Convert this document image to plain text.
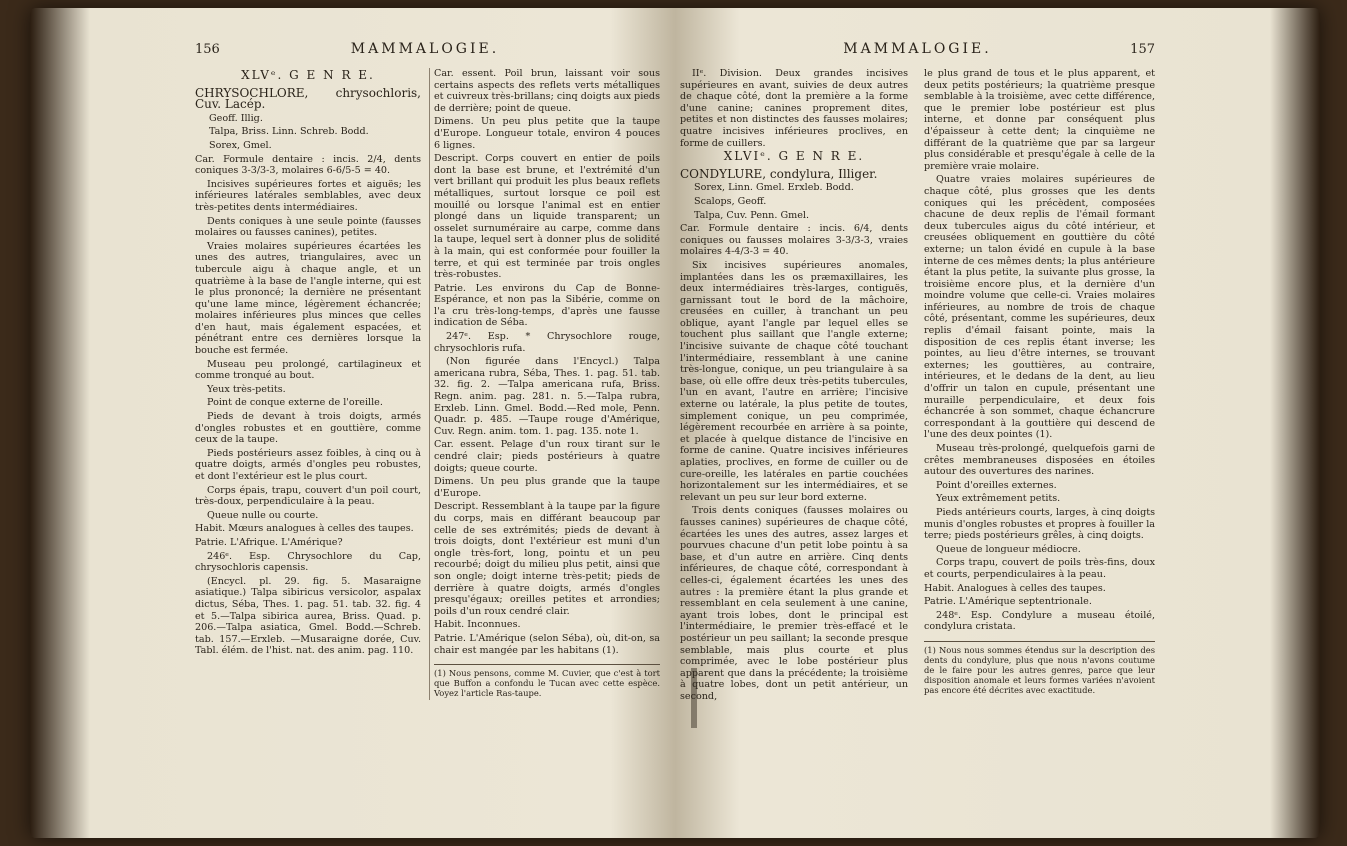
156	MAMMALOGIE.
XLVᵉ. G E N R E.

CHRYSOCHLORE, chrysochloris, Cuv. Lacép.

Geoff. Illig.

Talpa, Briss. Linn. Schreb. Bodd.

Sorex, Gmel.

Car. Formule dentaire : incis. 2/4, dents coniques 3-3/3-3, molaires 6-6/5-5 = 40.

Incisives supérieures fortes et aiguës; les inférieures latérales semblables, avec deux très-petites dents intermédiaires.

Dents coniques à une seule pointe (fausses molaires ou fausses canines), petites.

Vraies molaires supérieures écartées les unes des autres, triangulaires, avec un tubercule aigu à chaque angle, et un quatrième à la base de l'angle interne, qui est le plus prononcé; la dernière ne présentant qu'une lame mince, légèrement échancrée; molaires inférieures plus minces que celles d'en haut, mais également espacées, et pénétrant entre ces dernières lorsque la bouche est fermée.

Museau peu prolongé, cartilagineux et comme tronqué au bout.

Yeux très-petits.

Point de conque externe de l'oreille.

Pieds de devant à trois doigts, armés d'ongles robustes et en gouttière, comme ceux de la taupe.

Pieds postérieurs assez foibles, à cinq ou à quatre doigts, armés d'ongles peu robustes, et dont l'extérieur est le plus court.

Corps épais, trapu, couvert d'un poil court, très-doux, perpendiculaire à la peau.

Queue nulle ou courte.

Habit. Mœurs analogues à celles des taupes.

Patrie. L'Afrique. L'Amérique?

246ᵉ. Esp. Chrysochlore du Cap, chrysochloris capensis.

(Encycl. pl. 29. fig. 5. Masaraigne asiatique.) Talpa sibiricus versicolor, aspalax dictus, Séba, Thes. 1. pag. 51. tab. 32. fig. 4 et 5.—Talpa sibirica aurea, Briss. Quad. p. 206.—Talpa asiatica, Gmel. Bodd.—Schreb. tab. 157.—Erxleb. —Musaraigne dorée, Cuv. Tabl. élém. de l'hist. nat. des anim. pag. 110.

Car. essent. Poil brun, laissant voir sous certains aspects des reflets verts métalliques et cuivreux très-brillans; cinq doigts aux pieds de derrière; point de queue.

Dimens. Un peu plus petite que la taupe d'Europe. Longueur totale, environ 4 pouces 6 lignes.

Descript. Corps couvert en entier de poils dont la base est brune, et l'extrémité d'un vert brillant qui produit les plus beaux reflets métalliques, surtout lorsque ce poil est mouillé ou lorsque l'animal est en entier plongé dans un liquide transparent; un osselet surnuméraire au carpe, comme dans la taupe, lequel sert à donner plus de solidité à la main, qui est conformée pour fouiller la terre, et qui est terminée par trois ongles très-robustes.

Patrie. Les environs du Cap de Bonne-Espérance, et non pas la Sibérie, comme on l'a cru très-long-temps, d'après une fausse indication de Séba.

247ᵉ. Esp. * Chrysochlore rouge, chrysochloris rufa.

(Non figurée dans l'Encycl.) Talpa americana rubra, Séba, Thes. 1. pag. 51. tab. 32. fig. 2. —Talpa americana rufa, Briss. Regn. anim. pag. 281. n. 5.—Talpa rubra, Erxleb. Linn. Gmel. Bodd.—Red mole, Penn. Quadr. p. 485. —Taupe rouge d'Amérique, Cuv. Regn. anim. tom. 1. pag. 135. note 1.

Car. essent. Pelage d'un roux tirant sur le cendré clair; pieds postérieurs à quatre doigts; queue courte.

Dimens. Un peu plus grande que la taupe d'Europe.

Descript. Ressemblant à la taupe par la figure du corps, mais en différant beaucoup par celle de ses extrémités; pieds de devant à trois doigts, dont l'extérieur est muni d'un ongle très-fort, long, pointu et un peu recourbé; doigt du milieu plus petit, ainsi que son ongle; doigt interne très-petit; pieds de derrière à quatre doigts, armés d'ongles presqu'égaux; oreilles petites et arrondies; poils d'un roux cendré clair.

Habit. Inconnues.

Patrie. L'Amérique (selon Séba), où, dit-on, sa chair est mangée par les habitans (1).

(1) Nous pensons, comme M. Cuvier, que c'est à tort que Buffon a confondu le Tucan avec cette espèce. Voyez l'article Ras-taupe.

157
MAMMALOGIE.

IIᵉ. Division. Deux grandes incisives supérieures en avant, suivies de deux autres de chaque côté, dont la première a la forme d'une canine; canines proprement dites, petites et non distinctes des fausses molaires; quatre incisives inférieures proclives, en forme de cuillers.

XLVIᵉ. G E N R E.

CONDYLURE, condylura, Illiger.

Sorex, Linn. Gmel. Erxleb. Bodd.

Scalops, Geoff.

Talpa, Cuv. Penn. Gmel.

Car. Formule dentaire : incis. 6/4, dents coniques ou fausses molaires 3-3/3-3, vraies molaires 4-4/3-3 = 40.

Six incisives supérieures anomales, implantées dans les os præmaxillaires, les deux intermédiaires très-larges, contiguës, garnissant tout le bord de la mâchoire, creusées en cuiller, à tranchant un peu oblique, ayant l'angle par lequel elles se touchent plus saillant que l'angle externe; l'incisive suivante de chaque côté touchant l'intermédiaire, ressemblant à une canine très-longue, conique, un peu triangulaire à sa base, où elle offre deux très-petits tubercules, l'un en avant, l'autre en arrière; l'incisive externe ou latérale, la plus petite de toutes, simplement conique, un peu comprimée, légèrement recourbée en arrière à sa pointe, et placée à quelque distance de l'incisive en forme de canine. Quatre incisives inférieures aplaties, proclives, en forme de cuiller ou de cure-oreille, les latérales en partie couchées horizontalement sur les intermédiaires, et se relevant un peu sur leur bord externe.

Trois dents coniques (fausses molaires ou fausses canines) supérieures de chaque côté, écartées les unes des autres, assez larges et pourvues chacune d'un petit lobe pointu à sa base, et d'un autre en arrière. Cinq dents inférieures, de chaque côté, correspondant à celles-ci, également écartées les unes des autres : la première étant la plus grande et ressemblant en cela seulement à une canine, ayant trois lobes, dont le principal est l'intermédiaire, le premier très-effacé et le postérieur un peu saillant; la seconde presque semblable, mais plus courte et plus comprimée, avec le lobe postérieur plus apparent que dans la précédente; la troisième à quatre lobes, dont un petit antérieur, un second,

le plus grand de tous et le plus apparent, et deux petits postérieurs; la quatrième presque semblable à la troisième, avec cette différence, que le premier lobe postérieur est plus interne, et donne par conséquent plus d'épaisseur à cette dent; la cinquième ne différant de la quatrième que par sa largeur plus considérable et presqu'égale à celle de la première vraie molaire.

Quatre vraies molaires supérieures de chaque côté, plus grosses que les dents coniques qui les précèdent, composées chacune de deux replis de l'émail formant deux tubercules aigus du côté intérieur, et creusées obliquement en gouttière du côté externe; un talon évidé en cupule à la base interne de ces mêmes dents; la plus antérieure étant la plus petite, la suivante plus grosse, la troisième encore plus, et la dernière d'un moindre volume que celle-ci. Vraies molaires inférieures, au nombre de trois de chaque côté, présentant, comme les supérieures, deux replis d'émail faisant pointe, mais la disposition de ces replis étant inverse; les pointes, au lieu d'être internes, se trouvant externes; les gouttières, au contraire, intérieures, et le dedans de la dent, au lieu d'offrir un talon en cupule, présentant une muraille perpendiculaire, et deux fois échancrée à son sommet, chaque échancrure correspondant à la gouttière qui descend de l'une des deux pointes (1).

Museau très-prolongé, quelquefois garni de crêtes membraneuses disposées en étoiles autour des ouvertures des narines.

Point d'oreilles externes.

Yeux extrêmement petits.

Pieds antérieurs courts, larges, à cinq doigts munis d'ongles robustes et propres à fouiller la terre; pieds postérieurs grêles, à cinq doigts.

Queue de longueur médiocre.

Corps trapu, couvert de poils très-fins, doux et courts, perpendiculaires à la peau.

Habit. Analogues à celles des taupes.

Patrie. L'Amérique septentrionale.

248ᵉ. Esp. Condylure a museau étoilé, condylura cristata.

(1) Nous nous sommes étendus sur la description des dents du condylure, plus que nous n'avons coutume de le faire pour les autres genres, parce que leur disposition anomale et leurs formes variées n'avoient pas encore été décrites avec exactitude.
